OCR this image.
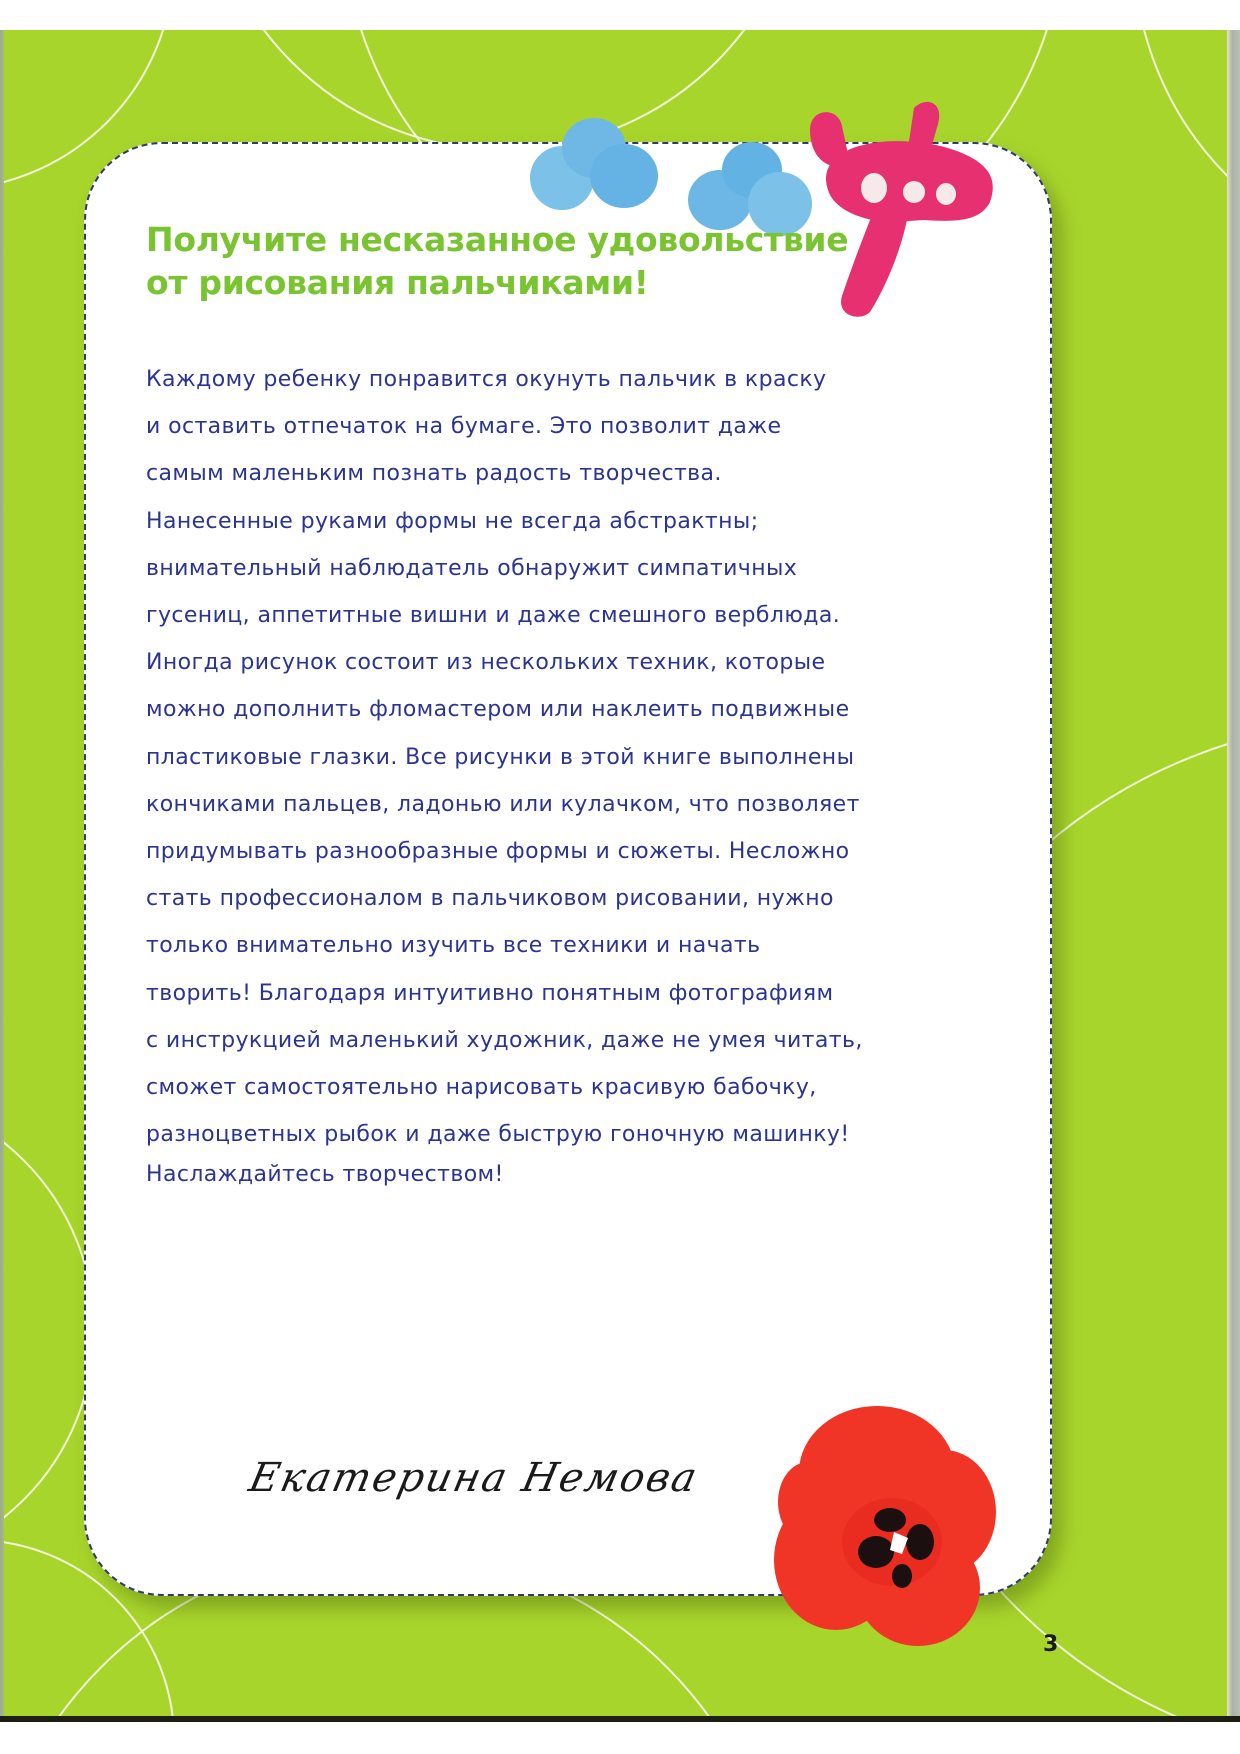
Получите несказанное удовольствие
от рисования пальчиками!
Каждому ребенку понравится окунуть пальчик в краску
и оставить отпечаток на бумаге. Это позволит даже
самым маленьким познать радость творчества.
Нанесенные руками формы не всегда абстрактны;
внимательный наблюдатель обнаружит симпатичных
гусениц, аппетитные вишни и даже смешного верблюда.
Иногда рисунок состоит из нескольких техник, которые
можно дополнить фломастером или наклеить подвижные
пластиковые глазки. Все рисунки в этой книге выполнены
кончиками пальцев, ладонью или кулачком, что позволяет
придумывать разнообразные формы и сюжеты. Несложно
стать профессионалом в пальчиковом рисовании, нужно
только внимательно изучить все техники и начать
творить! Благодаря интуитивно понятным фотографиям
с инструкцией маленький художник, даже не умея читать,
сможет самостоятельно нарисовать красивую бабочку,
разноцветных рыбок и даже быструю гоночную машинку!
Наслаждайтесь творчеством!
Екатерина Немова
3
